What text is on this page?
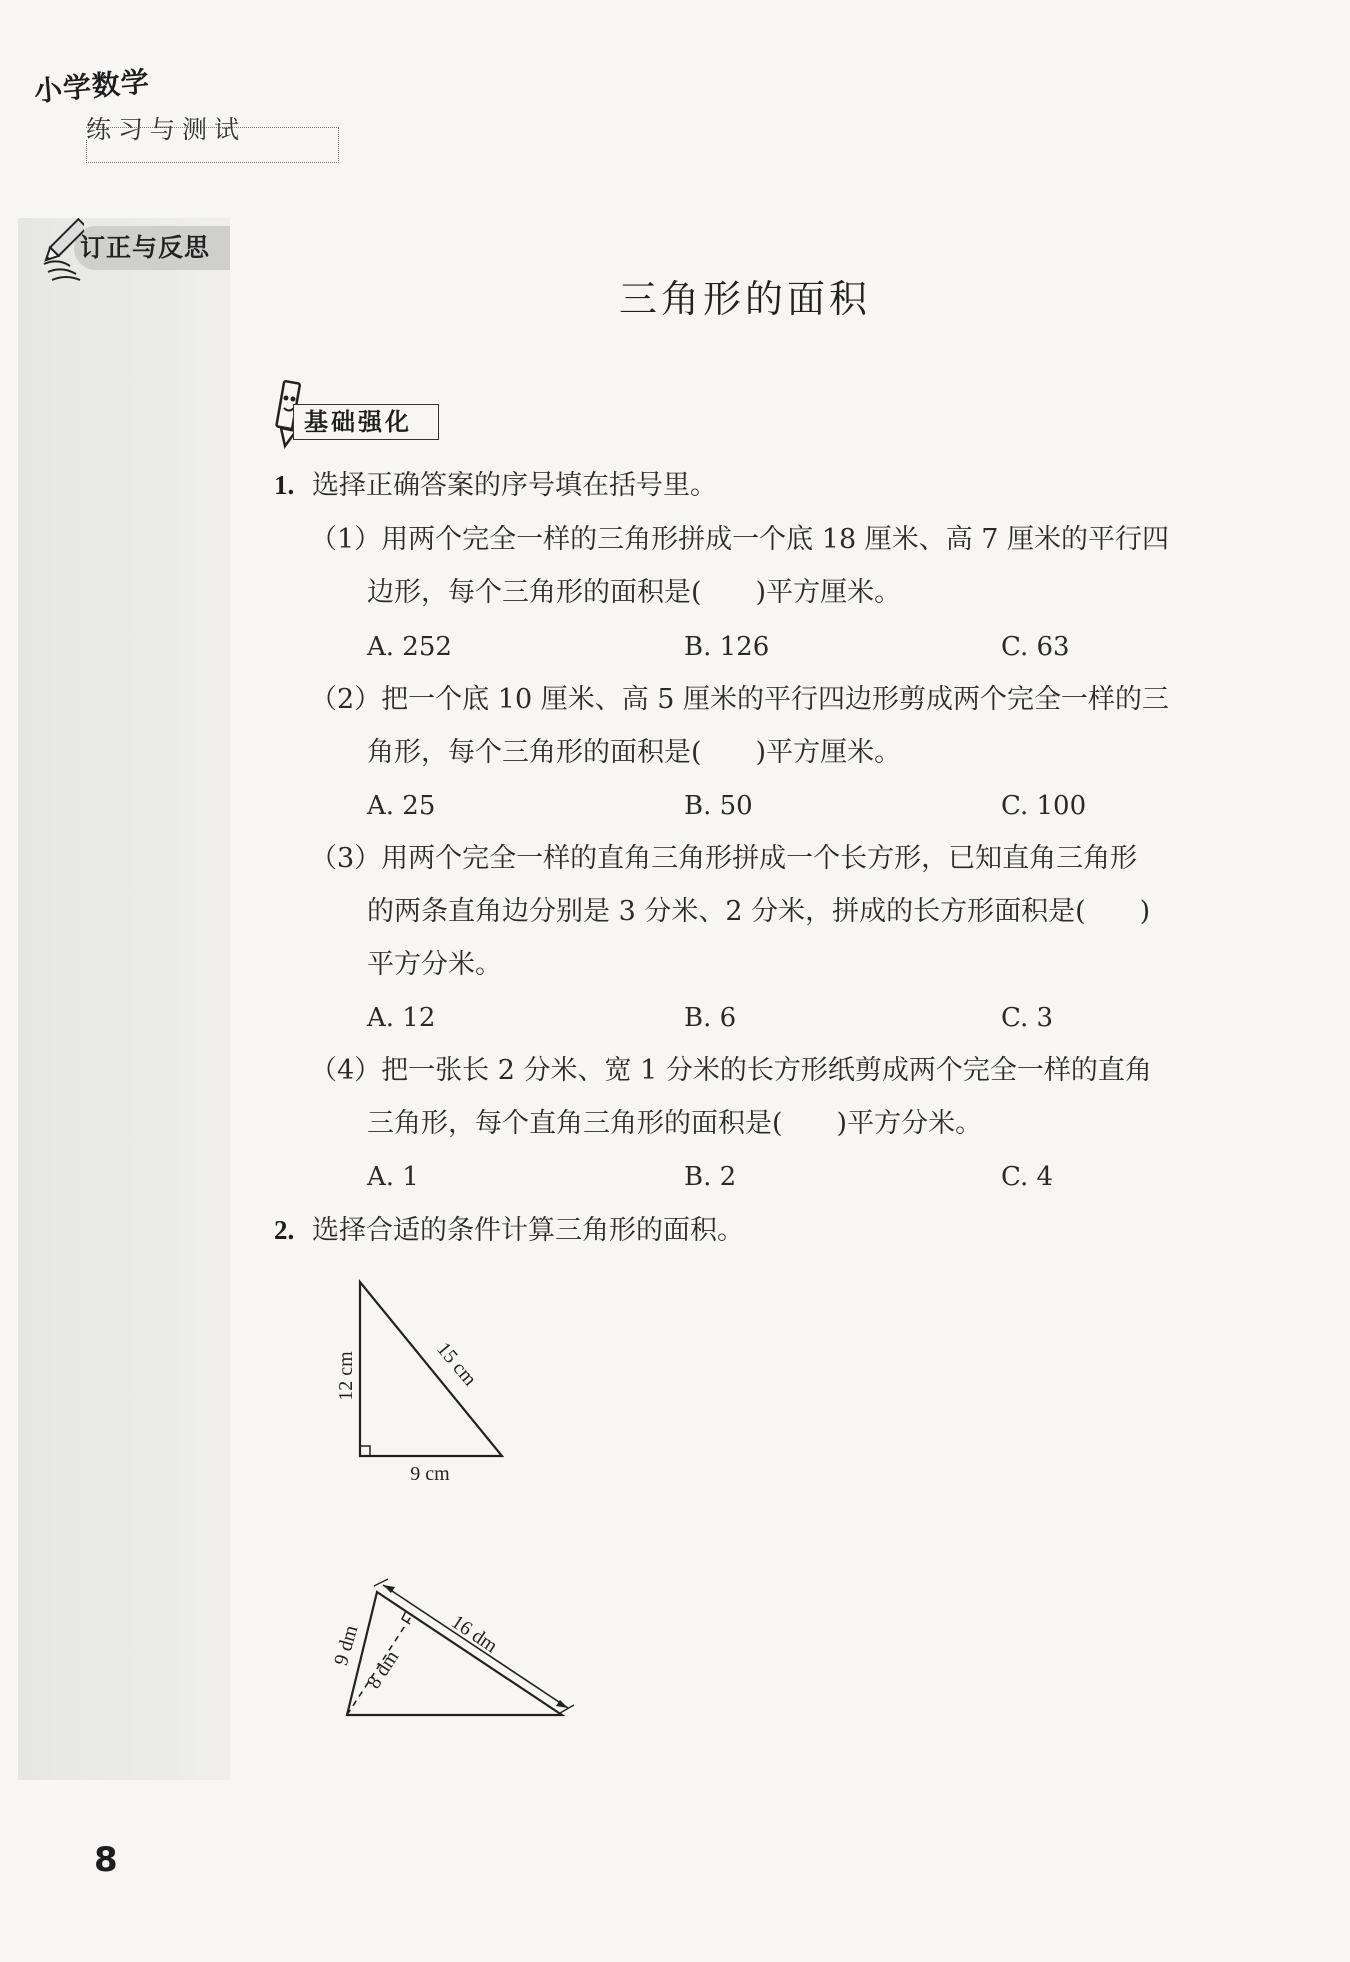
小学数学
练习与测试
订正与反思
三角形的面积
基础强化
1. 选择正确答案的序号填在括号里。
（1）用两个完全一样的三角形拼成一个底 18 厘米、高 7 厘米的平行四
边形，每个三角形的面积是(　　)平方厘米。
A. 252	B. 126	C. 63
（2）把一个底 10 厘米、高 5 厘米的平行四边形剪成两个完全一样的三
角形，每个三角形的面积是(　　)平方厘米。
A. 25	B. 50	C. 100
（3）用两个完全一样的直角三角形拼成一个长方形，已知直角三角形
的两条直角边分别是 3 分米、2 分米，拼成的长方形面积是(　　)
平方分米。
A. 12	B. 6	C. 3
（4）把一张长 2 分米、宽 1 分米的长方形纸剪成两个完全一样的直角
三角形，每个直角三角形的面积是(　　)平方分米。
A. 1	B. 2	C. 4
2. 选择合适的条件计算三角形的面积。
12 cm	15 cm
9 cm
9 dm
8 dm
16 dm
8
